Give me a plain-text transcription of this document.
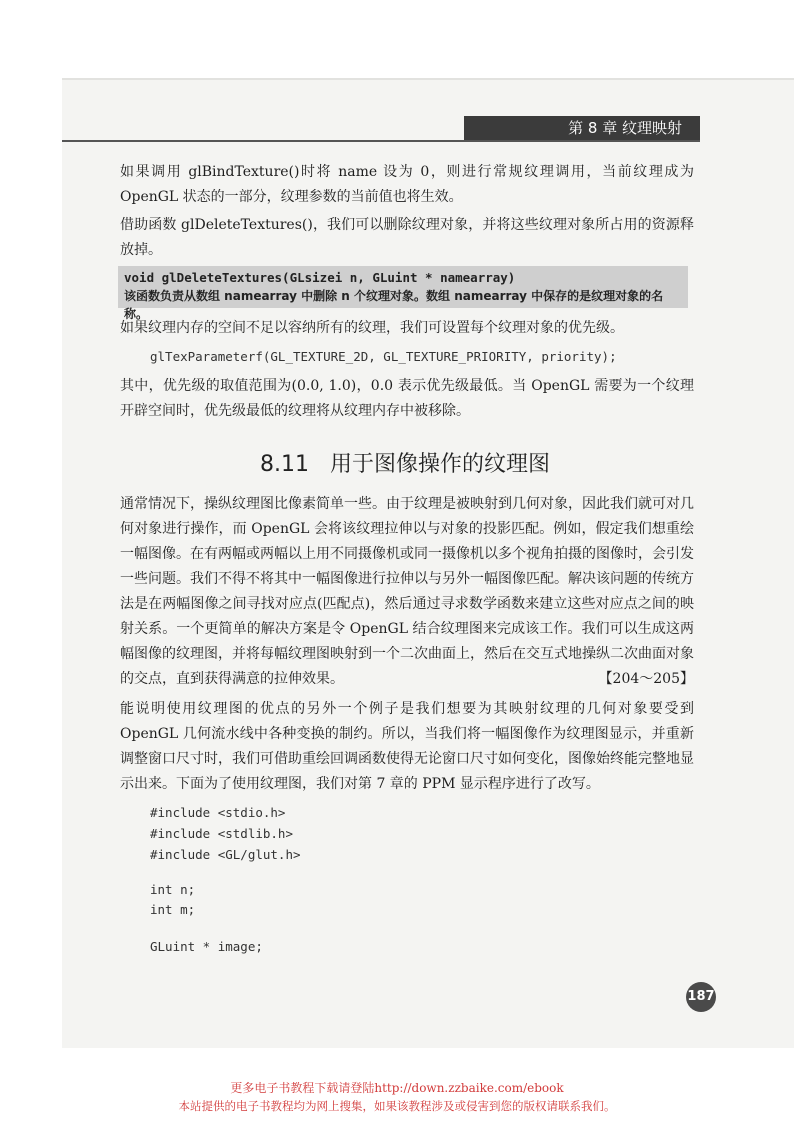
第 8 章 纹理映射

如果调用 glBindTexture()时将 name 设为 0，则进行常规纹理调用，当前纹理成为 OpenGL 状态的一部分，纹理参数的当前值也将生效。

借助函数 glDeleteTextures()，我们可以删除纹理对象，并将这些纹理对象所占用的资源释放掉。

void glDeleteTextures(GLsizei n, GLuint * namearray)
该函数负责从数组 namearray 中删除 n 个纹理对象。数组 namearray 中保存的是纹理对象的名称。

如果纹理内存的空间不足以容纳所有的纹理，我们可设置每个纹理对象的优先级。

glTexParameterf(GL_TEXTURE_2D, GL_TEXTURE_PRIORITY, priority);

其中，优先级的取值范围为(0.0, 1.0)，0.0 表示优先级最低。当 OpenGL 需要为一个纹理开辟空间时，优先级最低的纹理将从纹理内存中被移除。

8.11 用于图像操作的纹理图
通常情况下，操纵纹理图比像素简单一些。由于纹理是被映射到几何对象，因此我们就可对几何对象进行操作，而 OpenGL 会将该纹理拉伸以与对象的投影匹配。例如，假定我们想重绘一幅图像。在有两幅或两幅以上用不同摄像机或同一摄像机以多个视角拍摄的图像时，会引发一些问题。我们不得不将其中一幅图像进行拉伸以与另外一幅图像匹配。解决该问题的传统方法是在两幅图像之间寻找对应点(匹配点)，然后通过寻求数学函数来建立这些对应点之间的映射关系。一个更简单的解决方案是令 OpenGL 结合纹理图来完成该工作。我们可以生成这两幅图像的纹理图，并将每幅纹理图映射到一个二次曲面上，然后在交互式地操纵二次曲面对象的交点，直到获得满意的拉伸效果。	【204～205】

能说明使用纹理图的优点的另外一个例子是我们想要为其映射纹理的几何对象要受到 OpenGL 几何流水线中各种变换的制约。所以，当我们将一幅图像作为纹理图显示，并重新调整窗口尺寸时，我们可借助重绘回调函数使得无论窗口尺寸如何变化，图像始终能完整地显示出来。下面为了使用纹理图，我们对第 7 章的 PPM 显示程序进行了改写。

#include <stdio.h>
#include <stdlib.h>
#include <GL/glut.h>
int n;
int m;
GLuint * image;
187
更多电子书教程下载请登陆http://down.zzbaike.com/ebook
本站提供的电子书教程均为网上搜集，如果该教程涉及或侵害到您的版权请联系我们。
